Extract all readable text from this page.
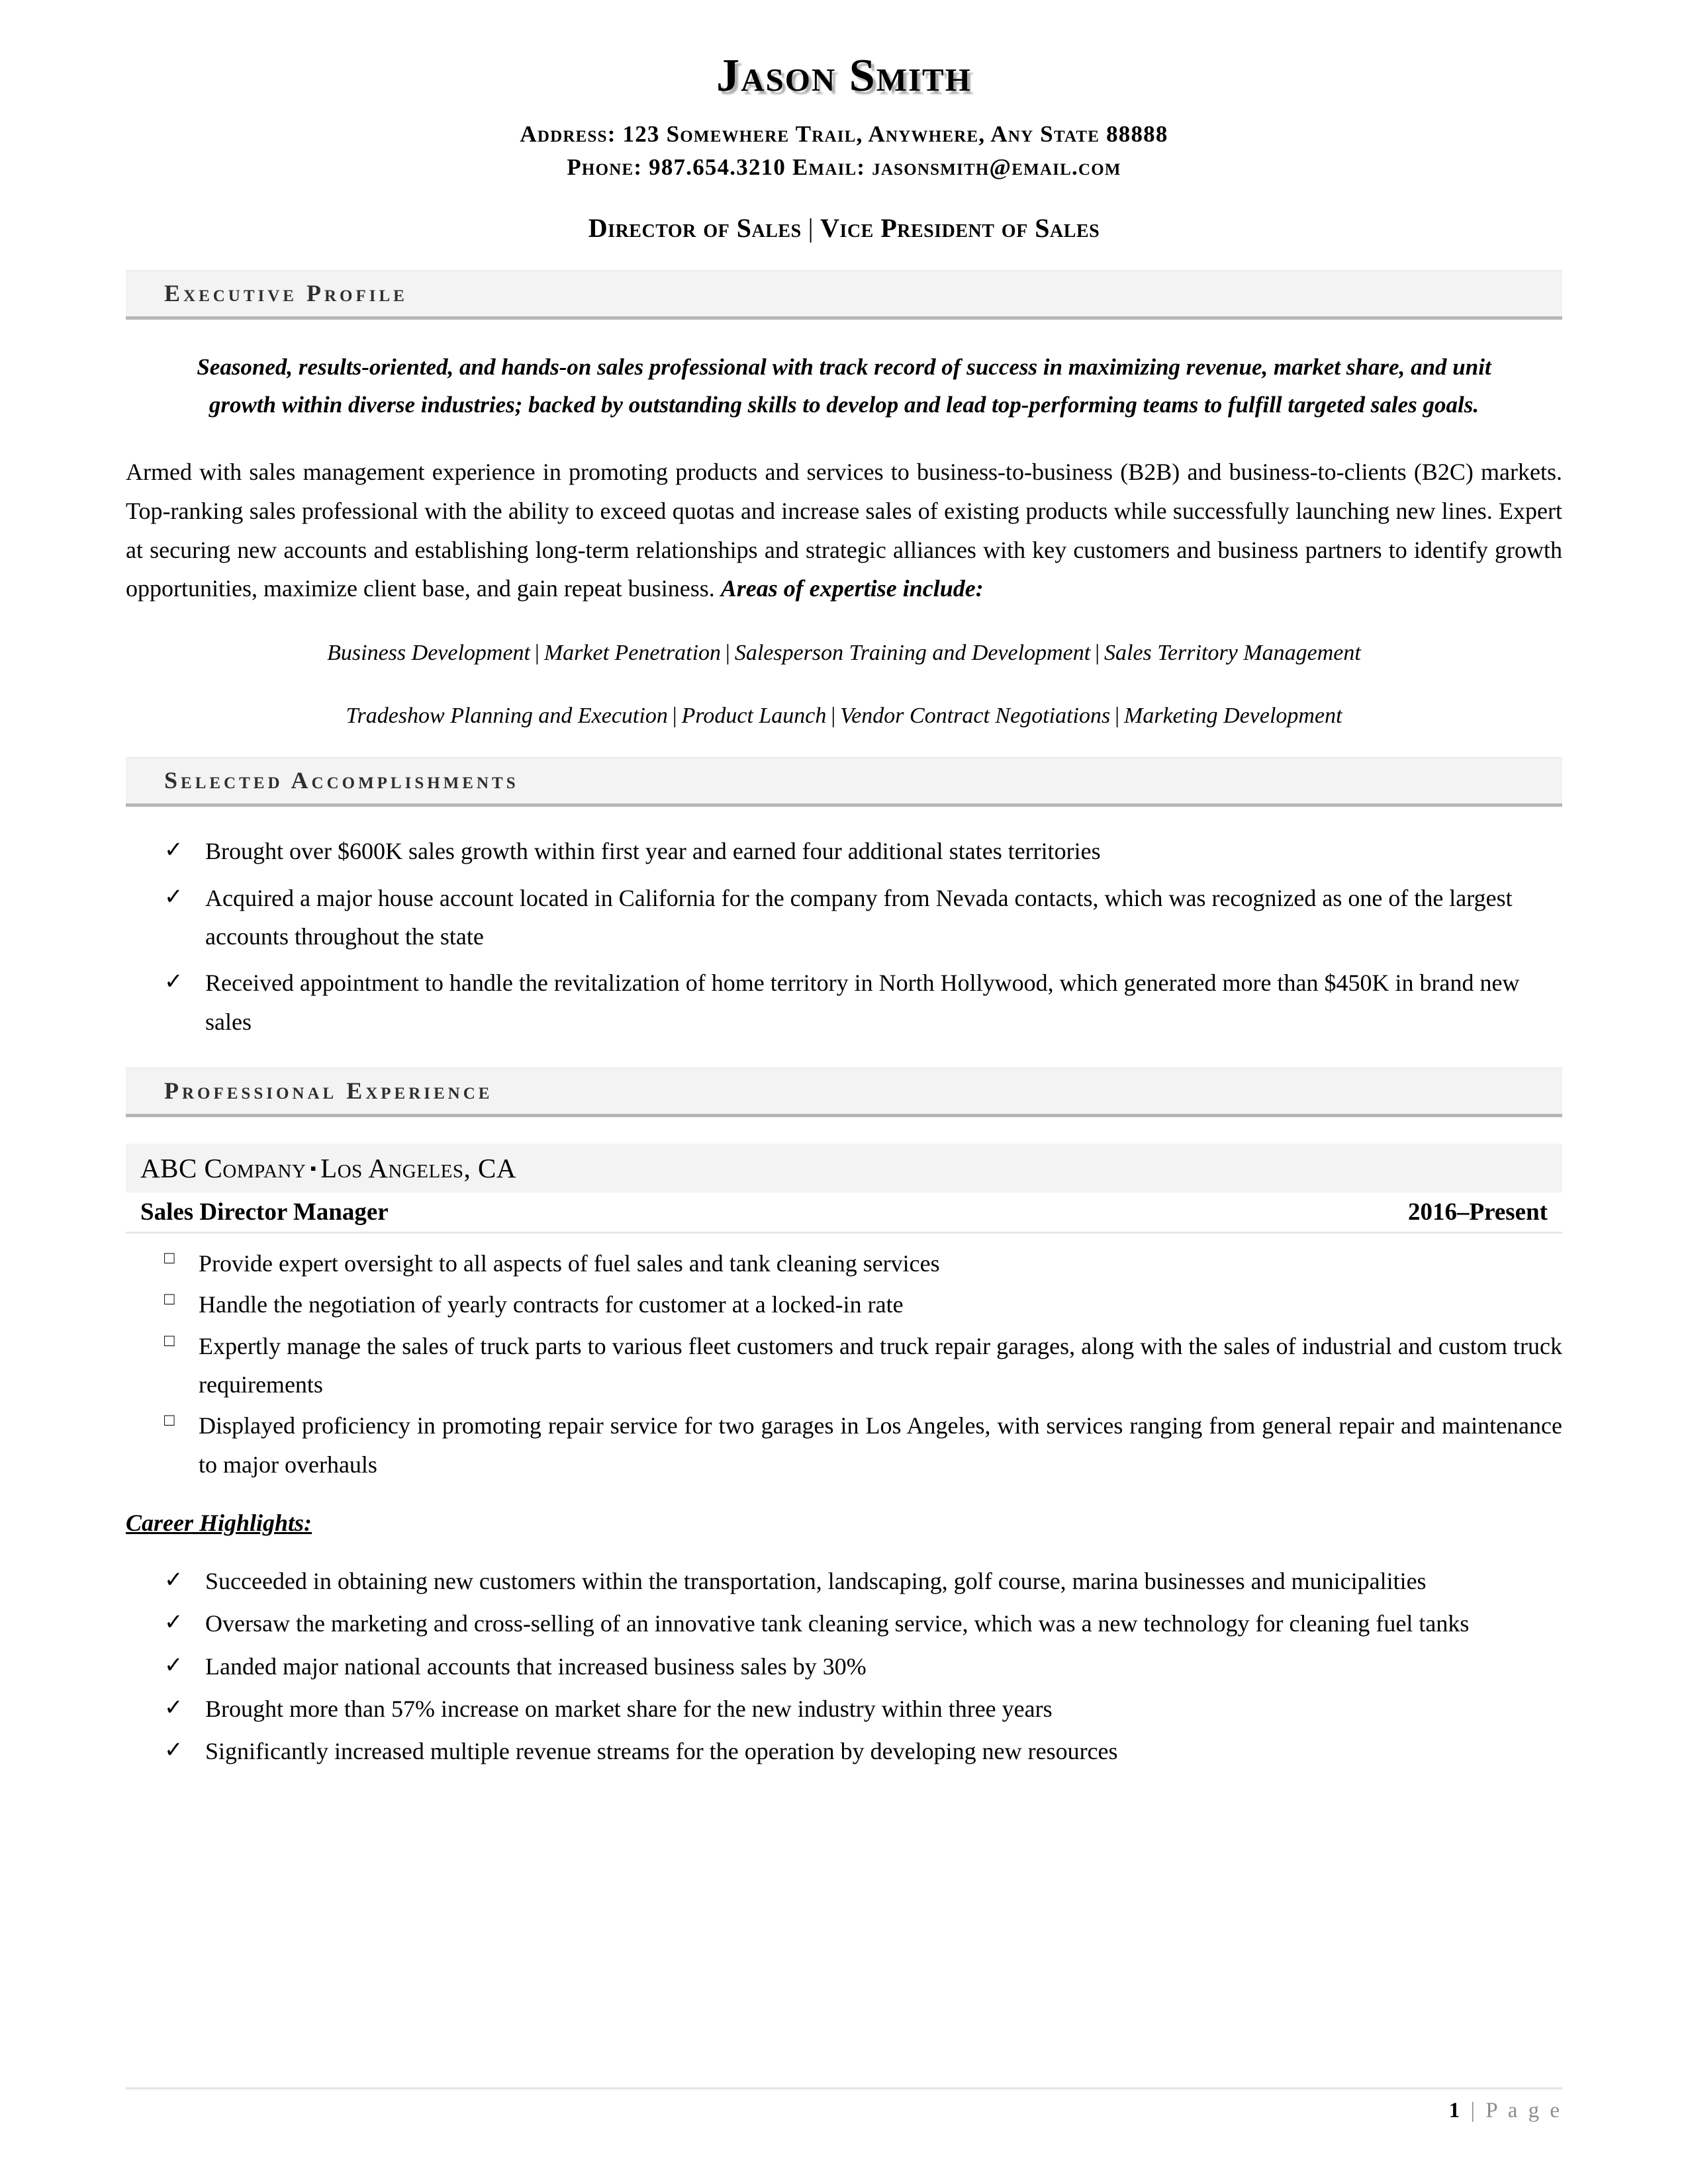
Jason Smith
Address: 123 Somewhere Trail, Anywhere, Any State 88888
Phone: 987.654.3210 Email: jasonsmith@email.com
Director of Sales | Vice President of Sales
Executive Profile
Seasoned, results-oriented, and hands-on sales professional with track record of success in maximizing revenue, market share, and unit growth within diverse industries; backed by outstanding skills to develop and lead top-performing teams to fulfill targeted sales goals.
Armed with sales management experience in promoting products and services to business-to-business (B2B) and business-to-clients (B2C) markets. Top-ranking sales professional with the ability to exceed quotas and increase sales of existing products while successfully launching new lines. Expert at securing new accounts and establishing long-term relationships and strategic alliances with key customers and business partners to identify growth opportunities, maximize client base, and gain repeat business. Areas of expertise include:
Business Development | Market Penetration | Salesperson Training and Development | Sales Territory Management
Tradeshow Planning and Execution | Product Launch | Vendor Contract Negotiations | Marketing Development
Selected Accomplishments
✓ Brought over $600K sales growth within first year and earned four additional states territories
✓ Acquired a major house account located in California for the company from Nevada contacts, which was recognized as one of the largest accounts throughout the state
✓ Received appointment to handle the revitalization of home territory in North Hollywood, which generated more than $450K in brand new sales
Professional Experience
ABC Company ▪ Los Angeles, CA
Sales Director Manager	2016–Present
□ Provide expert oversight to all aspects of fuel sales and tank cleaning services
□ Handle the negotiation of yearly contracts for customer at a locked-in rate
□ Expertly manage the sales of truck parts to various fleet customers and truck repair garages, along with the sales of industrial and custom truck requirements
□ Displayed proficiency in promoting repair service for two garages in Los Angeles, with services ranging from general repair and maintenance to major overhauls
Career Highlights:
✓ Succeeded in obtaining new customers within the transportation, landscaping, golf course, marina businesses and municipalities
✓ Oversaw the marketing and cross-selling of an innovative tank cleaning service, which was a new technology for cleaning fuel tanks
✓ Landed major national accounts that increased business sales by 30%
✓ Brought more than 57% increase on market share for the new industry within three years
✓ Significantly increased multiple revenue streams for the operation by developing new resources
1 | P a g e
